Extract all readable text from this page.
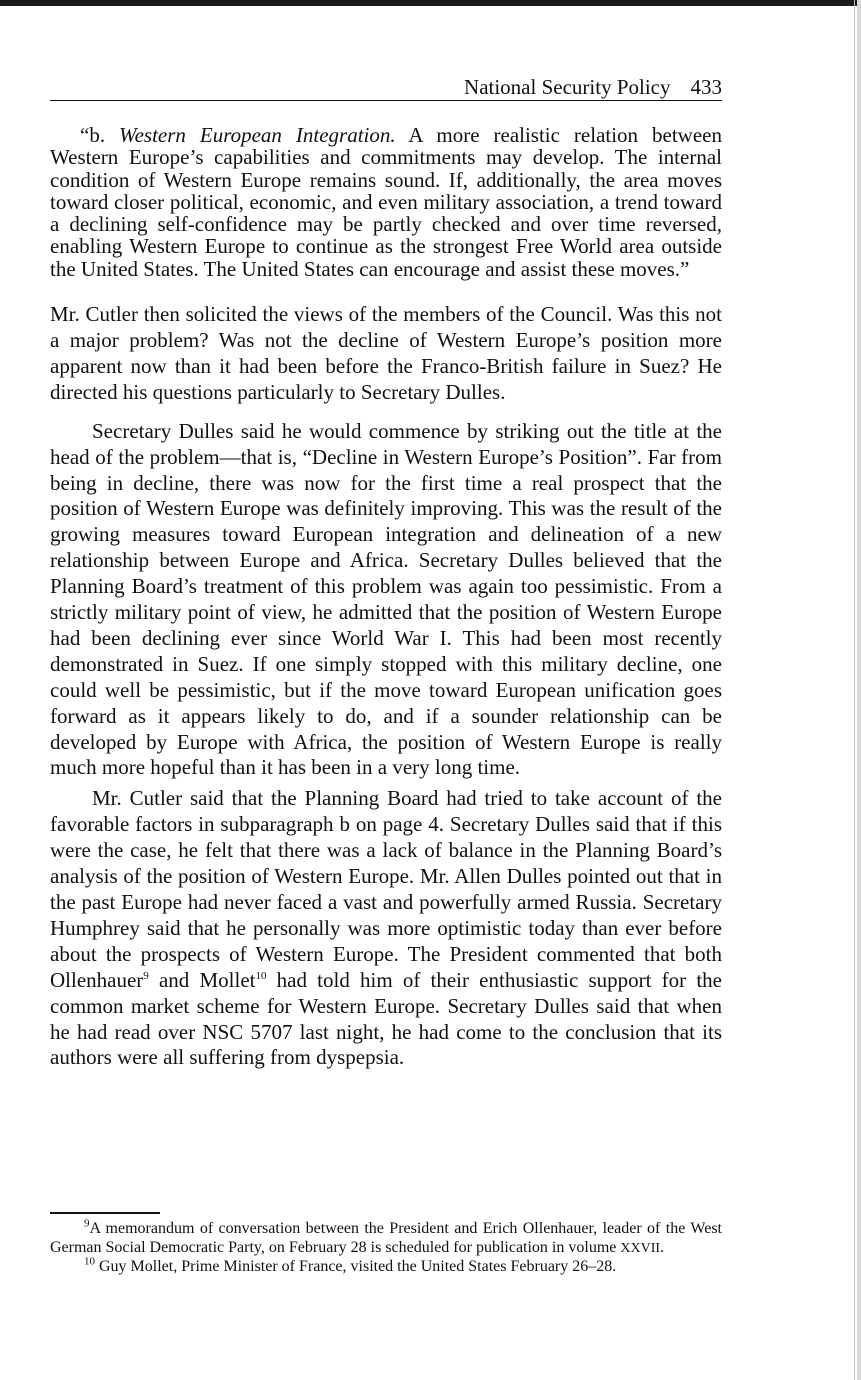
National Security Policy 433

“b. Western European Integration. A more realistic relation between Western Europe’s capabilities and commitments may develop. The internal condition of Western Europe remains sound. If, additionally, the area moves toward closer political, economic, and even military association, a trend toward a declining self-confidence may be partly checked and over time reversed, enabling Western Europe to continue as the strongest Free World area outside the United States. The United States can encourage and assist these moves.”

Mr. Cutler then solicited the views of the members of the Council. Was this not a major problem? Was not the decline of Western Europe’s position more apparent now than it had been before the Franco-British failure in Suez? He directed his questions particularly to Secretary Dulles.

Secretary Dulles said he would commence by striking out the title at the head of the problem—that is, “Decline in Western Europe’s Position”. Far from being in decline, there was now for the first time a real prospect that the position of Western Europe was definitely improving. This was the result of the growing measures toward European integration and delineation of a new relationship between Europe and Africa. Secretary Dulles believed that the Planning Board’s treatment of this problem was again too pessimistic. From a strictly military point of view, he admitted that the position of Western Europe had been declining ever since World War I. This had been most recently demonstrated in Suez. If one simply stopped with this military decline, one could well be pessimistic, but if the move toward European unification goes forward as it appears likely to do, and if a sounder relationship can be developed by Europe with Africa, the position of Western Europe is really much more hopeful than it has been in a very long time.

Mr. Cutler said that the Planning Board had tried to take account of the favorable factors in subparagraph b on page 4. Secretary Dulles said that if this were the case, he felt that there was a lack of balance in the Planning Board’s analysis of the position of Western Europe. Mr. Allen Dulles pointed out that in the past Europe had never faced a vast and powerfully armed Russia. Secretary Humphrey said that he personally was more optimistic today than ever before about the prospects of Western Europe. The President commented that both Ollenhauer$^9$ and Mollet$^{10}$ had told him of their enthusiastic support for the common market scheme for Western Europe. Secretary Dulles said that when he had read over NSC 5707 last night, he had come to the conclusion that its authors were all suffering from dyspepsia.

$^9$A memorandum of conversation between the President and Erich Ollenhauer, leader of the West German Social Democratic Party, on February 28 is scheduled for publication in volume XXVII.

$^{10}$ Guy Mollet, Prime Minister of France, visited the United States February 26–28.
